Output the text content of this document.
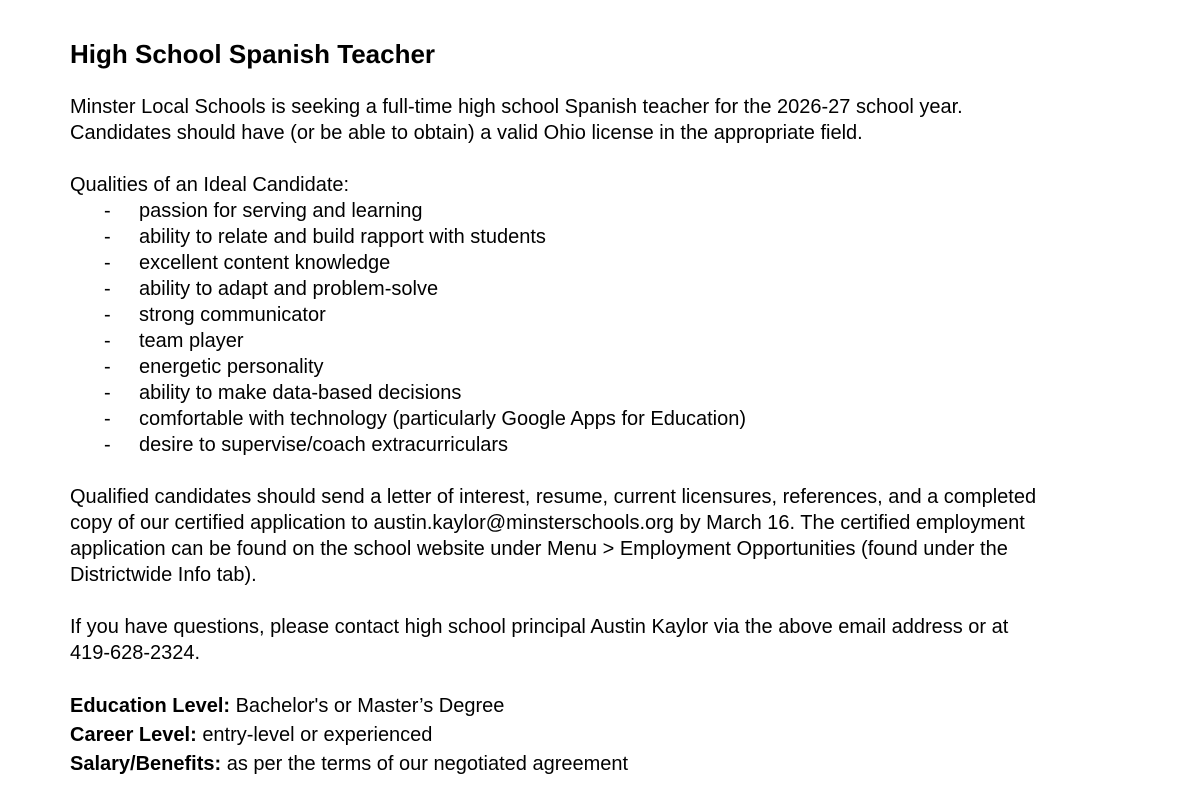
High School Spanish Teacher
Minster Local Schools is seeking a full-time high school Spanish teacher for the 2026-27 school year.
Candidates should have (or be able to obtain) a valid Ohio license in the appropriate field.
Qualities of an Ideal Candidate:
-	passion for serving and learning
-	ability to relate and build rapport with students
-	excellent content knowledge
-	ability to adapt and problem-solve
-	strong communicator
-	team player
-	energetic personality
-	ability to make data-based decisions
-	comfortable with technology (particularly Google Apps for Education)
-	desire to supervise/coach extracurriculars
Qualified candidates should send a letter of interest, resume, current licensures, references, and a completed
copy of our certified application to austin.kaylor@minsterschools.org by March 16. The certified employment
application can be found on the school website under Menu > Employment Opportunities (found under the
Districtwide Info tab).
If you have questions, please contact high school principal Austin Kaylor via the above email address or at
419-628-2324.
Education Level: Bachelor's or Master’s Degree
Career Level: entry-level or experienced
Salary/Benefits: as per the terms of our negotiated agreement
